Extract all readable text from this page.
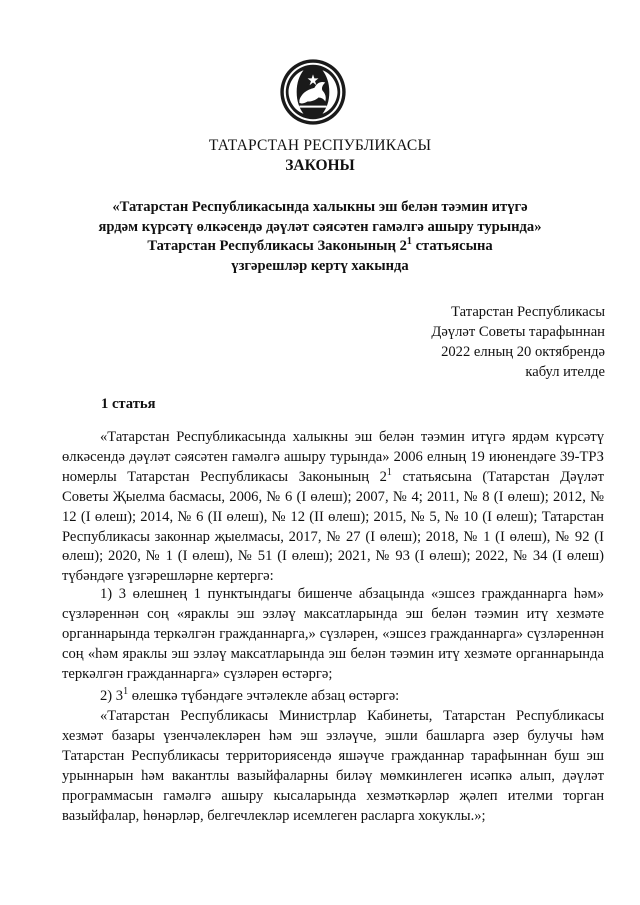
ТАТАРСТАН РЕСПУБЛИКАСЫ
ЗАКОНЫ
«Татарстан Республикасында халыкны эш белән тәэмин итүгә
ярдәм күрсәтү өлкәсендә дәүләт сәясәтен гамәлгә ашыру турында»
Татарстан Республикасы Законының $2^1$ статьясына
үзгәрешләр кертү хакында
Татарстан Республикасы
Дәүләт Советы тарафыннан
2022 елның 20 октябрендә
кабул ителде
1 статья
«Татарстан Республикасында халыкны эш белән тәэмин итүгә ярдәм күрсәтү өлкәсендә дәүләт сәясәтен гамәлгә ашыру турында» 2006 елның 19 июнендәге 39-ТРЗ номерлы Татарстан Республикасы Законының $2^1$ статьясына (Татарстан Дәүләт Советы Җыелма басмасы, 2006, № 6 (I өлеш); 2007, № 4; 2011, № 8 (I өлеш); 2012, № 12 (I өлеш); 2014, № 6 (II өлеш), № 12 (II өлеш); 2015, № 5, № 10 (I өлеш); Татарстан Республикасы законнар җыелмасы, 2017, № 27 (I өлеш); 2018, № 1 (I өлеш), № 92 (I өлеш); 2020, № 1 (I өлеш), № 51 (I өлеш); 2021, № 93 (I өлеш); 2022, № 34 (I өлеш) түбәндәге үзгәрешләрне кертергә:
1) 3 өлешнең 1 пунктындагы бишенче абзацында «эшсез гражданнарга һәм» сүзләреннән соң «яраклы эш эзләү максатларында эш белән тәэмин итү хезмәте органнарында теркәлгән гражданнарга,» сүзләрен, «эшсез гражданнарга» сүзләреннән соң «һәм яраклы эш эзләү максатларында эш белән тәэмин итү хезмәте органнарында теркәлгән гражданнарга» сүзләрен өстәргә;
2) $3^1$ өлешкә түбәндәге эчтәлекле абзац өстәргә:
«Татарстан Республикасы Министрлар Кабинеты, Татарстан Республикасы хезмәт базары үзенчәлекләрен һәм эш эзләүче, эшли башларга әзер булучы һәм Татарстан Республикасы территориясендә яшәүче гражданнар тарафыннан буш эш урыннарын һәм вакантлы вазыйфаларны биләү мөмкинлеген исәпкә алып, дәүләт программасын гамәлгә ашыру кысаларында хезмәткәрләр җәлеп ителми торган вазыйфалар, һөнәрләр, белгечлекләр исемлеген расларга хокуклы.»;
